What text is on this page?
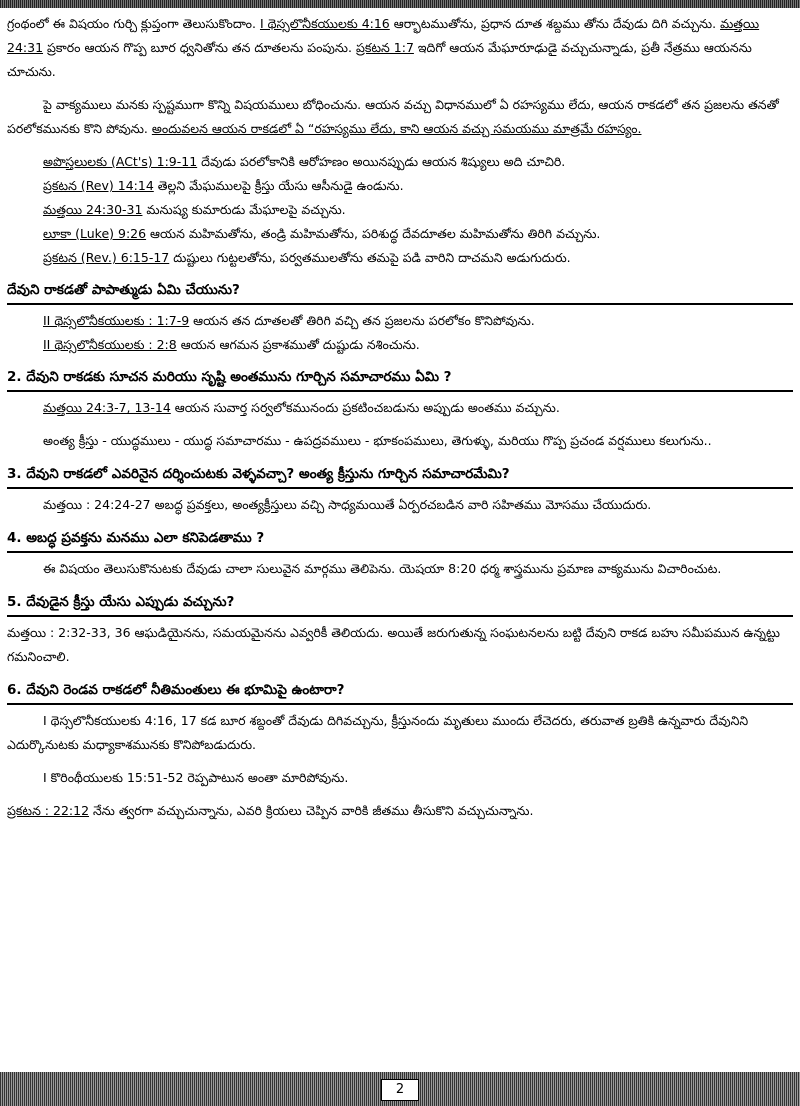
గ్రంథంలో ఈ విషయం గుర్చి క్లుప్తంగా తెలుసుకొందాం. I థెస్సలొనీకయులకు 4:16 ఆర్భాటముతోను, ప్రధాన దూత శబ్దము తోను దేవుడు దిగి వచ్చును. మత్తయి 24:31 ప్రకారం ఆయన గొప్ప బూర ధ్వనితోను తన దూతలను పంపును. ప్రకటన 1:7 ఇదిగో ఆయన మేఘారూఢుడై వచ్చుచున్నాడు, ప్రతీ నేత్రము ఆయనను చూచును.

పై వాక్యములు మనకు స్పష్టముగా కొన్ని విషయములు బోధించును. ఆయన వచ్చు విధానములో ఏ రహస్యము లేదు, ఆయన రాకడలో తన ప్రజలను తనతో పరలోకమునకు కొని పోవును. అందువలన ఆయన రాకడలో ఏ “రహస్యము లేదు, కాని ఆయన వచ్చు సమయము మాత్రమే రహస్యం.

అపొస్తలులకు (ACt's) 1:9-11 దేవుడు పరలోకానికి ఆరోహణం అయినప్పుడు ఆయన శిష్యులు అది చూచిరి.

ప్రకటన (Rev) 14:14 తెల్లని మేఘములపై క్రీస్తు యేసు ఆసీనుడై ఉండును.

మత్తయి 24:30-31 మనుష్య కుమారుడు మేఘాలపై వచ్చును.

లూకా (Luke) 9:26 ఆయన మహిమతోను, తండ్రి మహిమతోను, పరిశుద్ధ దేవదూతల మహిమతోను తిరిగి వచ్చును.

ప్రకటన (Rev.) 6:15-17 దుష్టులు గుట్టలతోను, పర్వతములతోను తమపై పడి వారిని దాచమని అడుగుదురు.

దేవుని రాకడతో పాపాత్ముడు ఏమి చేయును?

II థెస్సలొనీకయులకు : 1:7-9 ఆయన తన దూతలతో తిరిగి వచ్చి తన ప్రజలను పరలోకం కొనిపోవును.

II థెస్సలొనీకయులకు : 2:8 ఆయన ఆగమన ప్రకాశముతో దుష్టుడు నశించును.

2. దేవుని రాకడకు సూచన మరియు సృష్టి అంతమును గూర్చిన సమాచారము ఏమి ?

మత్తయి 24:3-7, 13-14 ఆయన సువార్త సర్వలోకమునందు ప్రకటించబడును అప్పుడు అంతము వచ్చును.

అంత్య క్రీస్తు - యుద్ధములు - యుద్ధ సమాచారము - ఉపద్రవములు - భూకంపములు, తెగుళ్ళు, మరియు గొప్ప ప్రచండ వర్షములు కలుగును..

3. దేవుని రాకడలో ఎవరినైన దర్శించుటకు వెళ్ళవచ్చా? అంత్య క్రీస్తును గూర్చిన సమాచారమేమి?

మత్తయి : 24:24-27 అబద్ధ ప్రవక్తలు, అంత్యక్రీస్తులు వచ్చి సాధ్యమయితే ఏర్పరచబడిన వారి సహితము మోసము చేయుదురు.

4. అబద్ధ ప్రవక్తను మనము ఎలా కనిపెడతాము ?

ఈ విషయం తెలుసుకొనుటకు దేవుడు చాలా సులువైన మార్గము తెలిపెను. యెషయా 8:20 ధర్మ శాస్త్రమును ప్రమాణ వాక్యమును విచారించుట.

5. దేవుడైన క్రీస్తు యేసు ఎప్పుడు వచ్చును?

మత్తయి : 2:32-33, 36 ఆఘడియైనను, సమయమైనను ఎవ్వరికీ తెలియదు. అయితే జరుగుతున్న సంఘటనలను బట్టి దేవుని రాకడ బహు సమీపమున ఉన్నట్టు గమనించాలి.

6. దేవుని రెండవ రాకడలో నీతిమంతులు ఈ భూమిపై ఉంటారా?

I థెస్సలొనీకయులకు 4:16, 17 కడ బూర శబ్దంతో దేవుడు దిగివచ్చును, క్రీస్తునందు మృతులు ముందు లేచెదరు, తరువాత బ్రతికి ఉన్నవారు దేవునిని ఎదుర్కొనుటకు మధ్యాకాశమునకు కొనిపోబడుదురు.

I కొరింథీయులకు 15:51-52 రెప్పపాటున అంతా మారిపోవును.

ప్రకటన : 22:12 నేను త్వరగా వచ్చుచున్నాను, ఎవరి క్రియలు చెప్పిన వారికి జీతము తీసుకొని వచ్చుచున్నాను.

2
